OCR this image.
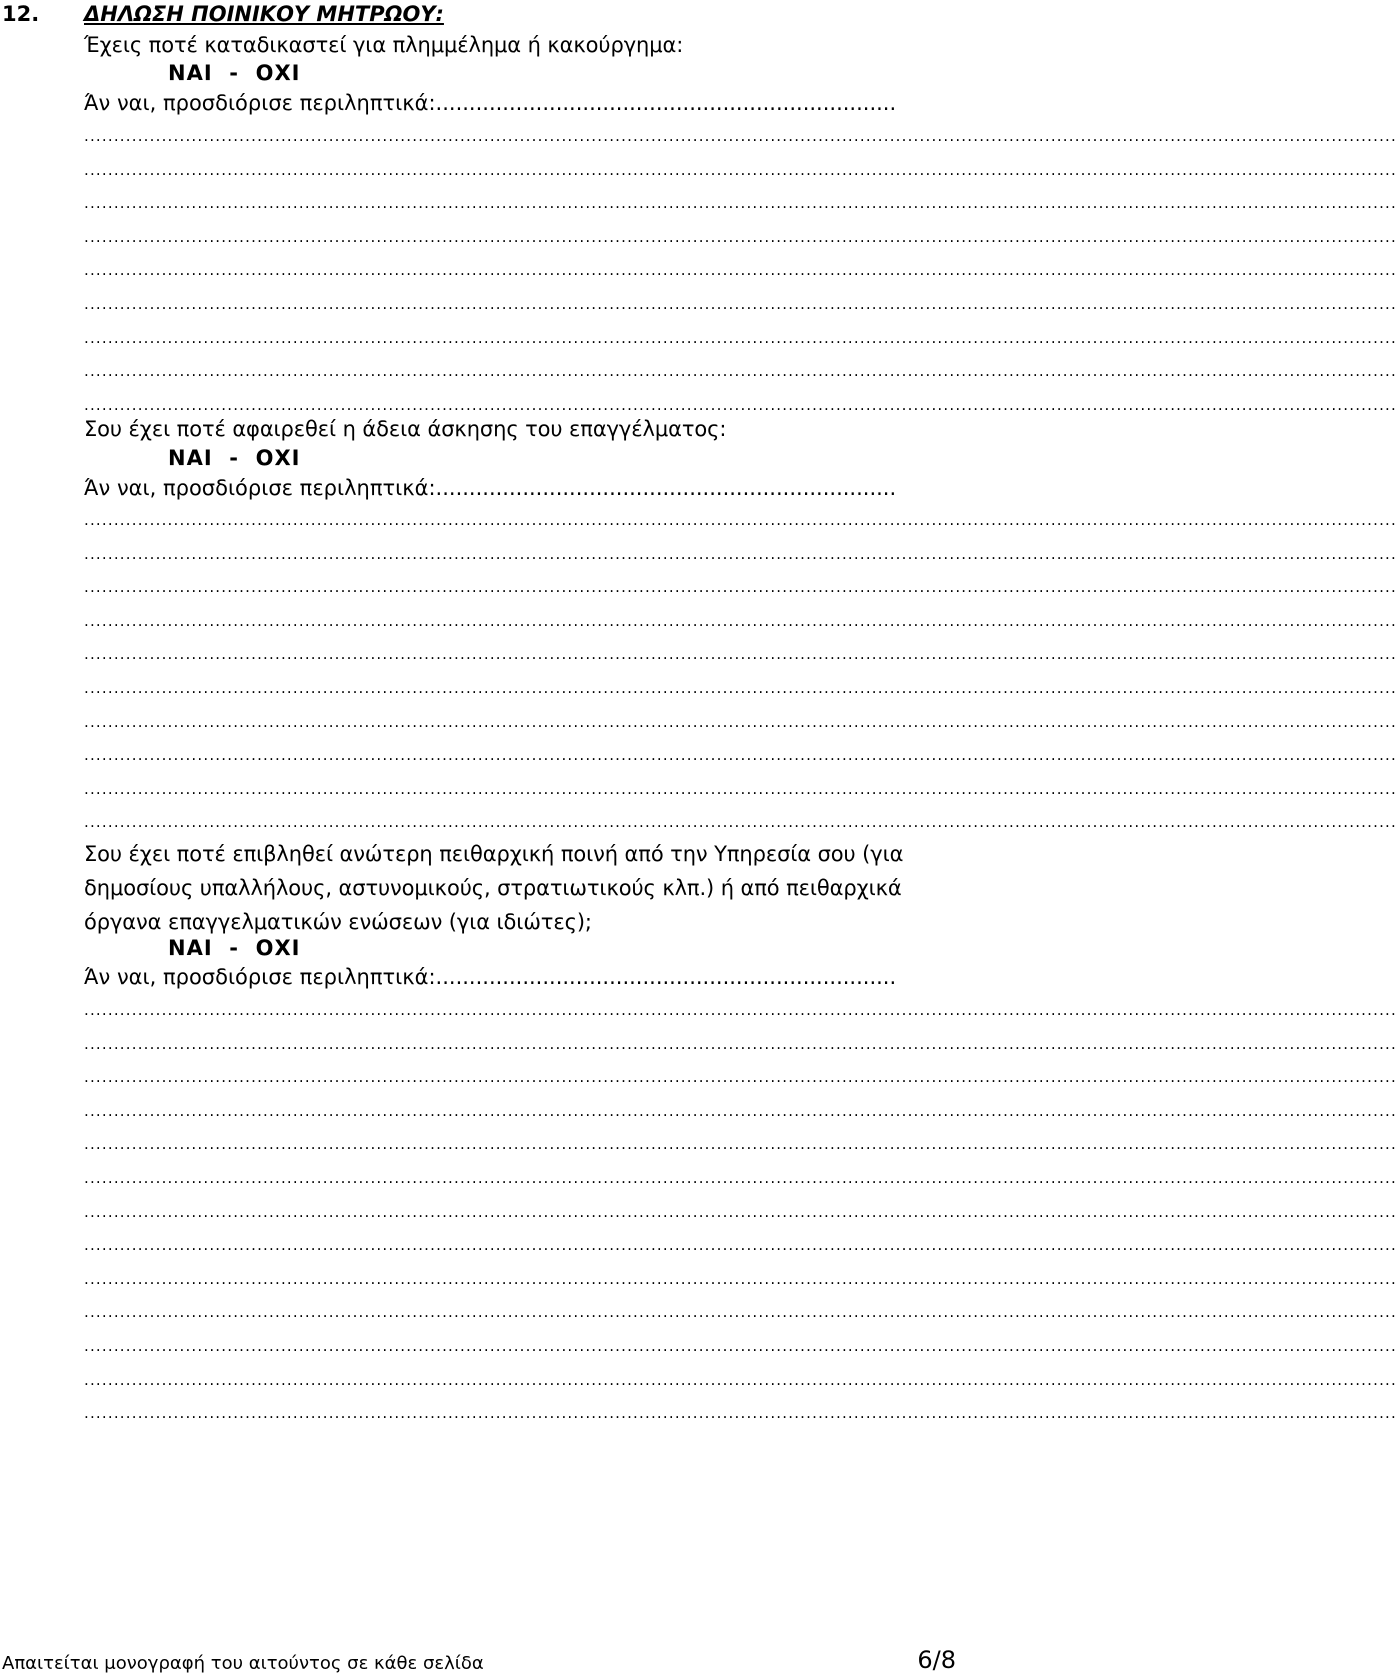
12. ΔΗΛΩΣΗ ΠΟΙΝΙΚΟΥ ΜΗΤΡΩΟΥ:
Έχεις ποτέ καταδικαστεί για πλημμέλημα ή κακούργημα:
ΝΑΙ  -  ΟΧΙ
Άν ναι, προσδιόρισε περιληπτικά:.....................................................................
............................................................................................................................................................................................................................
............................................................................................................................................................................................................................
............................................................................................................................................................................................................................
............................................................................................................................................................................................................................
............................................................................................................................................................................................................................
............................................................................................................................................................................................................................
............................................................................................................................................................................................................................
............................................................................................................................................................................................................................
............................................................................................................................................................................................................................
Σου έχει ποτέ αφαιρεθεί η άδεια άσκησης του επαγγέλματος:
ΝΑΙ  -  ΟΧΙ
Άν ναι, προσδιόρισε περιληπτικά:.....................................................................
............................................................................................................................................................................................................................
............................................................................................................................................................................................................................
............................................................................................................................................................................................................................
............................................................................................................................................................................................................................
............................................................................................................................................................................................................................
............................................................................................................................................................................................................................
............................................................................................................................................................................................................................
............................................................................................................................................................................................................................
............................................................................................................................................................................................................................
............................................................................................................................................................................................................................
Σου έχει ποτέ επιβληθεί ανώτερη πειθαρχική ποινή από την Υπηρεσία σου (για δημοσίους υπαλλήλους, αστυνομικούς, στρατιωτικούς κλπ.) ή από πειθαρχικά όργανα επαγγελματικών ενώσεων (για ιδιώτες);
ΝΑΙ  -  ΟΧΙ
Άν ναι, προσδιόρισε περιληπτικά:.....................................................................
............................................................................................................................................................................................................................
............................................................................................................................................................................................................................
............................................................................................................................................................................................................................
............................................................................................................................................................................................................................
............................................................................................................................................................................................................................
............................................................................................................................................................................................................................
............................................................................................................................................................................................................................
............................................................................................................................................................................................................................
............................................................................................................................................................................................................................
............................................................................................................................................................................................................................
............................................................................................................................................................................................................................
............................................................................................................................................................................................................................
............................................................................................................................................................................................................................
Απαιτείται μονογραφή του αιτούντος σε κάθε σελίδα	6/8
